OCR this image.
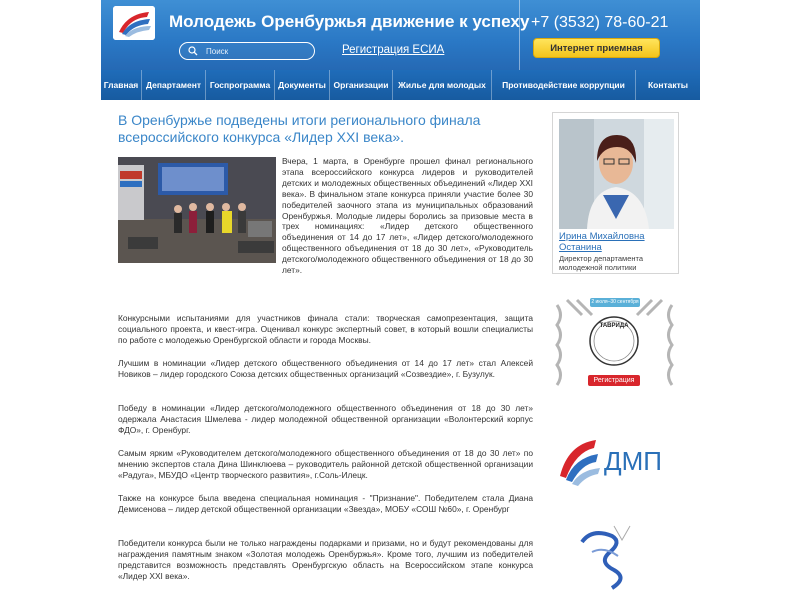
Молодежь Оренбуржья движение к успеху
Поиск
Регистрация ЕСИА
+7 (3532) 78-60-21
Интернет приемная
Главная Департамент	Госпрограмма Документы Организации	Жилье для молодых	Противодействие коррупции	Контакты
В Оренбуржье подведены итоги регионального финала всероссийского конкурса «Лидер XXI века».
Вчера, 1 марта, в Оренбурге прошел финал регионального этапа всероссийского конкурса лидеров и руководителей детских и молодежных общественных объединений «Лидер XXI века». В финальном этапе конкурса приняли участие более 30 победителей заочного этапа из муниципальных образований Оренбуржья. Молодые лидеры боролись за призовые места в трех номинациях: «Лидер детского общественного объединения от 14 до 17 лет», «Лидер детского/молодежного общественного объединения от 18 до 30 лет», «Руководитель детского/молодежного общественного объединения от 18 до 30 лет».
Конкурсными испытаниями для участников финала стали: творческая самопрезентация, защита социального проекта, и квест-игра. Оценивал конкурс экспертный совет, в который вошли специалисты по работе с молодежью Оренбургской области и города Москвы.
Лучшим в номинации «Лидер детского общественного объединения от 14 до 17 лет» стал Алексей Новиков – лидер городского Союза детских общественных организаций «Созвездие», г. Бузулук.
Победу в номинации «Лидер детского/молодежного общественного объединения от 18 до 30 лет» одержала Анастасия Шмелева - лидер молодежной общественной организации «Волонтерский корпус ФДО», г. Оренбург.
Самым ярким «Руководителем детского/молодежного общественного объединения от 18 до 30 лет» по мнению экспертов стала Дина Шинклюева – руководитель районной детской общественной организации «Радуга», МБУДО «Центр творческого развития», г.Соль-Илецк.
Также на конкурсе была введена специальная номинация - "Признание". Победителем стала Диана Демисенова – лидер детской общественной организации «Звезда», МОБУ «СОШ №60», г. Оренбург
Победители конкурса были не только награждены подарками и призами, но и будут рекомендованы для награждения памятным знаком «Золотая молодежь Оренбуржья». Кроме того, лучшим из победителей представится возможность представлять Оренбургскую область на Всероссийском этапе конкурса «Лидер XXI века».
Ирина Михайловна Останина
Директор департамента молодежной политики
2 июля–30 сентября
ТАВРИДА
Регистрация
ДМП
